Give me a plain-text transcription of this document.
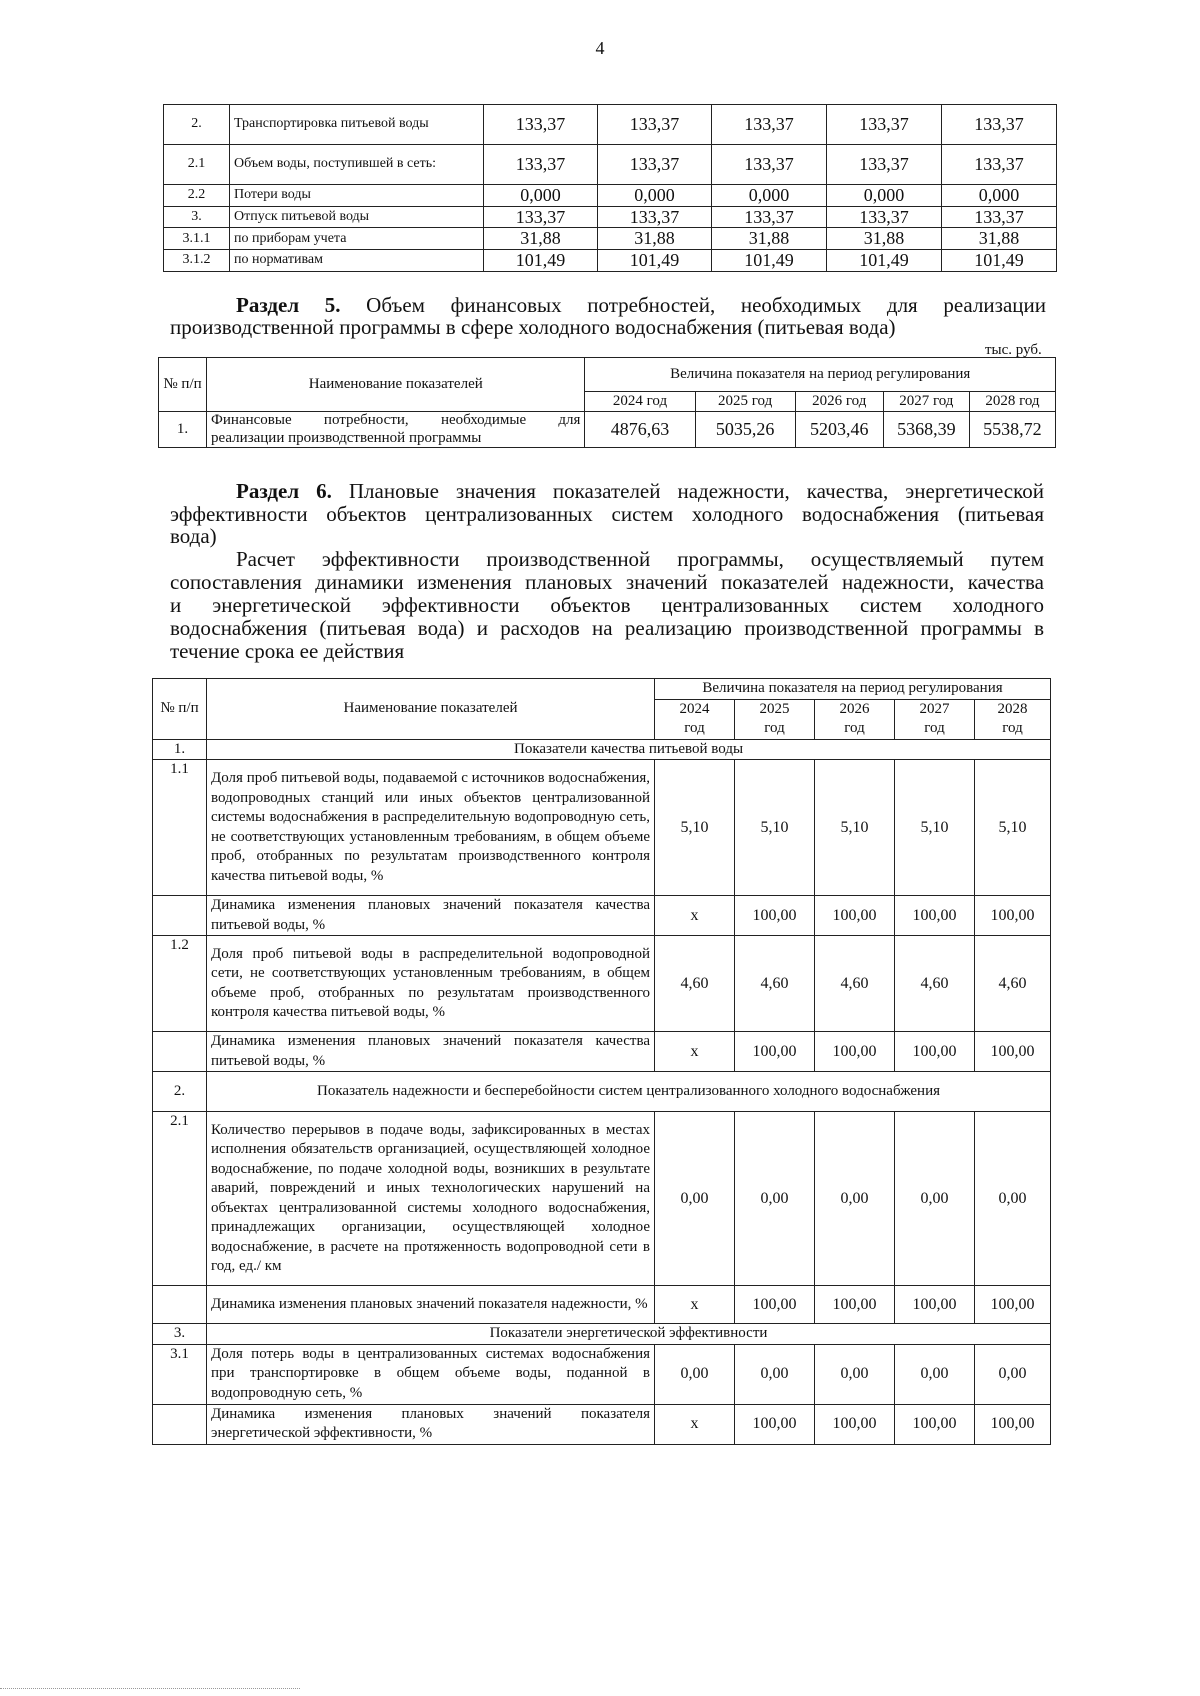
4
2.	Транспортировка питьевой воды	133,37	133,37	133,37	133,37	133,37
2.1	Объем воды, поступившей в сеть:	133,37	133,37	133,37	133,37	133,37
2.2	Потери воды	0,000	0,000	0,000	0,000	0,000
3.	Отпуск питьевой воды	133,37	133,37	133,37	133,37	133,37
3.1.1	по приборам учета	31,88	31,88	31,88	31,88	31,88
3.1.2	по нормативам	101,49	101,49	101,49	101,49	101,49
Раздел 5. Объем финансовых потребностей, необходимых для реализации
производственной программы в сфере холодного водоснабжения (питьевая вода)
тыс. руб.
№ п/п	Наименование показателей	Величина показателя на период регулирования				
		2024 год	2025 год	2026 год	2027 год	2028 год
1.	Финансовые потребности, необходимые для
реализации производственной программы	4876,63	5035,26	5203,46	5368,39	5538,72
Раздел 6. Плановые значения показателей надежности, качества, энергетической
эффективности объектов централизованных систем холодного водоснабжения (питьевая
вода)
Расчет эффективности производственной программы, осуществляемый путем
сопоставления динамики изменения плановых значений показателей надежности, качества
и энергетической эффективности объектов централизованных систем холодного
водоснабжения (питьевая вода) и расходов на реализацию производственной программы в
течение срока ее действия
№ п/п	Наименование показателей	Величина показателя на период регулирования				
		2024
год	2025
год	2026
год	2027
год	2028
год
1.	Показатели качества питьевой воды					
1.1	Доля проб питьевой воды, подаваемой с источников водоснабжения, водопроводных станций или иных объектов централизованной системы водоснабжения в распределительную водопроводную сеть, не соответствующих установленным требованиям, в общем объеме проб, отобранных по результатам производственного контроля качества питьевой воды, %	5,10	5,10	5,10	5,10	5,10
	Динамика изменения плановых значений показателя качества питьевой воды, %	x	100,00	100,00	100,00	100,00
1.2	Доля проб питьевой воды в распределительной водопроводной сети, не соответствующих установленным требованиям, в общем объеме проб, отобранных по результатам производственного контроля качества питьевой воды, %	4,60	4,60	4,60	4,60	4,60
	Динамика изменения плановых значений показателя качества питьевой воды, %	x	100,00	100,00	100,00	100,00
2.	Показатель надежности и бесперебойности систем централизованного холодного водоснабжения					
2.1	Количество перерывов в подаче воды, зафиксированных в местах исполнения обязательств организацией, осуществляющей холодное водоснабжение, по подаче холодной воды, возникших в результате аварий, повреждений и иных технологических нарушений на объектах централизованной системы холодного водоснабжения, принадлежащих организации, осуществляющей холодное водоснабжение, в расчете на протяженность водопроводной сети в год, ед./ км	0,00	0,00	0,00	0,00	0,00
	Динамика изменения плановых значений показателя надежности, %	x	100,00	100,00	100,00	100,00
3.	Показатели энергетической эффективности					
3.1	Доля потерь воды в централизованных системах водоснабжения при транспортировке в общем объеме воды, поданной в водопроводную сеть, %	0,00	0,00	0,00	0,00	0,00
	Динамика изменения плановых значений показателя энергетической эффективности, %	x	100,00	100,00	100,00	100,00
